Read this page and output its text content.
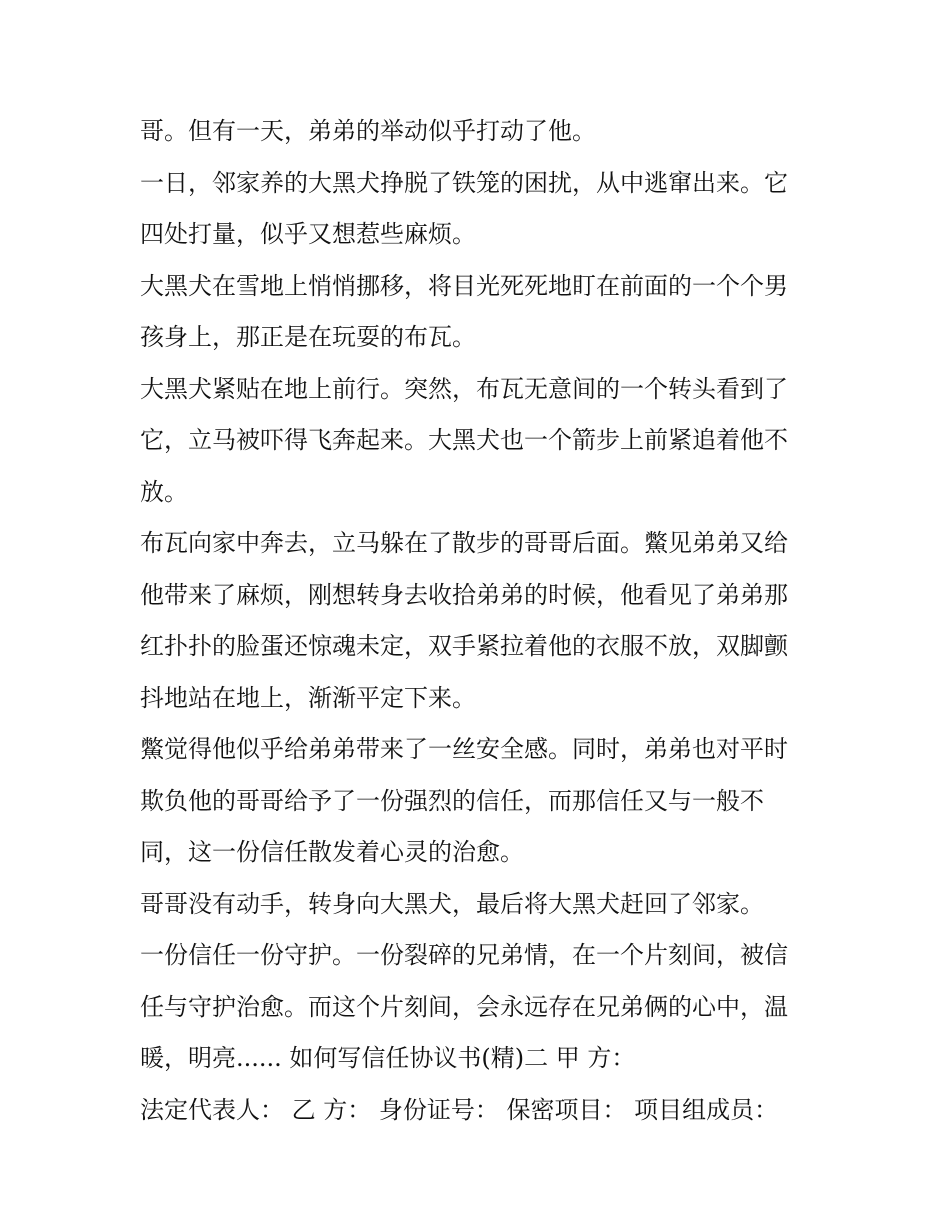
哥。但有一天，弟弟的举动似乎打动了他。
一日，邻家养的大黑犬挣脱了铁笼的困扰，从中逃窜出来。它
四处打量，似乎又想惹些麻烦。
大黑犬在雪地上悄悄挪移，将目光死死地盯在前面的一个个男
孩身上，那正是在玩耍的布瓦。
大黑犬紧贴在地上前行。突然，布瓦无意间的一个转头看到了
它，立马被吓得飞奔起来。大黑犬也一个箭步上前紧追着他不
放。
布瓦向家中奔去，立马躲在了散步的哥哥后面。鱉见弟弟又给
他带来了麻烦，刚想转身去收拾弟弟的时候，他看见了弟弟那
红扑扑的脸蛋还惊魂未定，双手紧拉着他的衣服不放，双脚颤
抖地站在地上，渐渐平定下来。
鱉觉得他似乎给弟弟带来了一丝安全感。同时，弟弟也对平时
欺负他的哥哥给予了一份强烈的信任，而那信任又与一般不
同，这一份信任散发着心灵的治愈。
哥哥没有动手，转身向大黑犬，最后将大黑犬赶回了邻家。
一份信任一份守护。一份裂碎的兄弟情，在一个片刻间，被信
任与守护治愈。而这个片刻间，会永远存在兄弟俩的心中，温
暖，明亮...... 如何写信任协议书(精)二 甲 方：
法定代表人： 乙 方： 身份证号： 保密项目： 项目组成员：
